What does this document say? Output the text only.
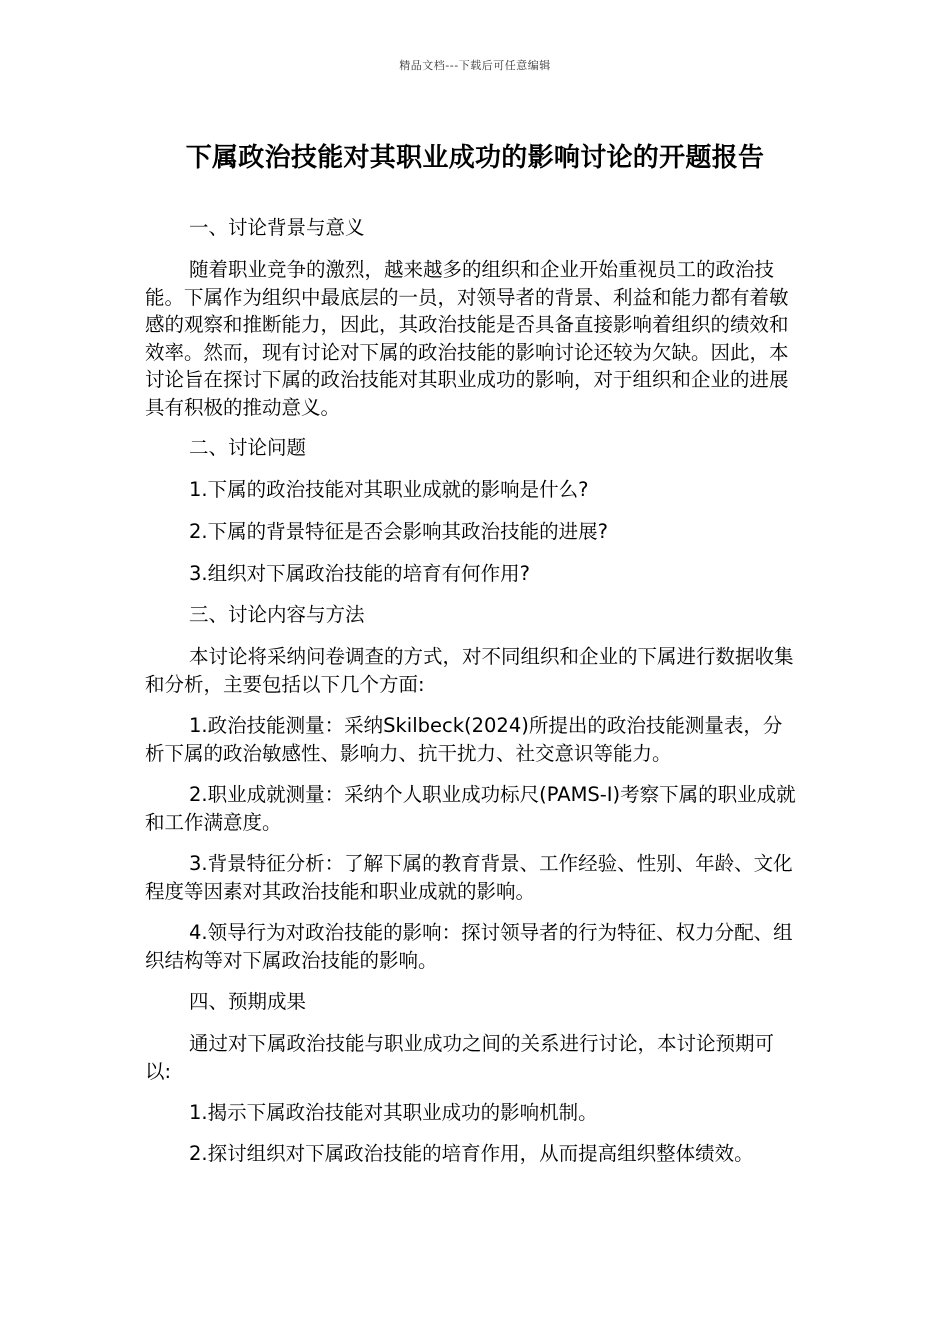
精品文档---下载后可任意编辑
下属政治技能对其职业成功的影响讨论的开题报告

一、讨论背景与意义

随着职业竞争的激烈，越来越多的组织和企业开始重视员工的政治技能。下属作为组织中最底层的一员，对领导者的背景、利益和能力都有着敏感的观察和推断能力，因此，其政治技能是否具备直接影响着组织的绩效和效率。然而，现有讨论对下属的政治技能的影响讨论还较为欠缺。因此，本讨论旨在探讨下属的政治技能对其职业成功的影响，对于组织和企业的进展具有积极的推动意义。

二、讨论问题

1.下属的政治技能对其职业成就的影响是什么?

2.下属的背景特征是否会影响其政治技能的进展?

3.组织对下属政治技能的培育有何作用?

三、讨论内容与方法

本讨论将采纳问卷调查的方式，对不同组织和企业的下属进行数据收集和分析，主要包括以下几个方面:

1.政治技能测量：采纳Skilbeck(2024)所提出的政治技能测量表，分析下属的政治敏感性、影响力、抗干扰力、社交意识等能力。

2.职业成就测量：采纳个人职业成功标尺(PAMS-I)考察下属的职业成就和工作满意度。

3.背景特征分析：了解下属的教育背景、工作经验、性别、年龄、文化程度等因素对其政治技能和职业成就的影响。

4.领导行为对政治技能的影响：探讨领导者的行为特征、权力分配、组织结构等对下属政治技能的影响。

四、预期成果

通过对下属政治技能与职业成功之间的关系进行讨论，本讨论预期可以:

1.揭示下属政治技能对其职业成功的影响机制。

2.探讨组织对下属政治技能的培育作用，从而提高组织整体绩效。
